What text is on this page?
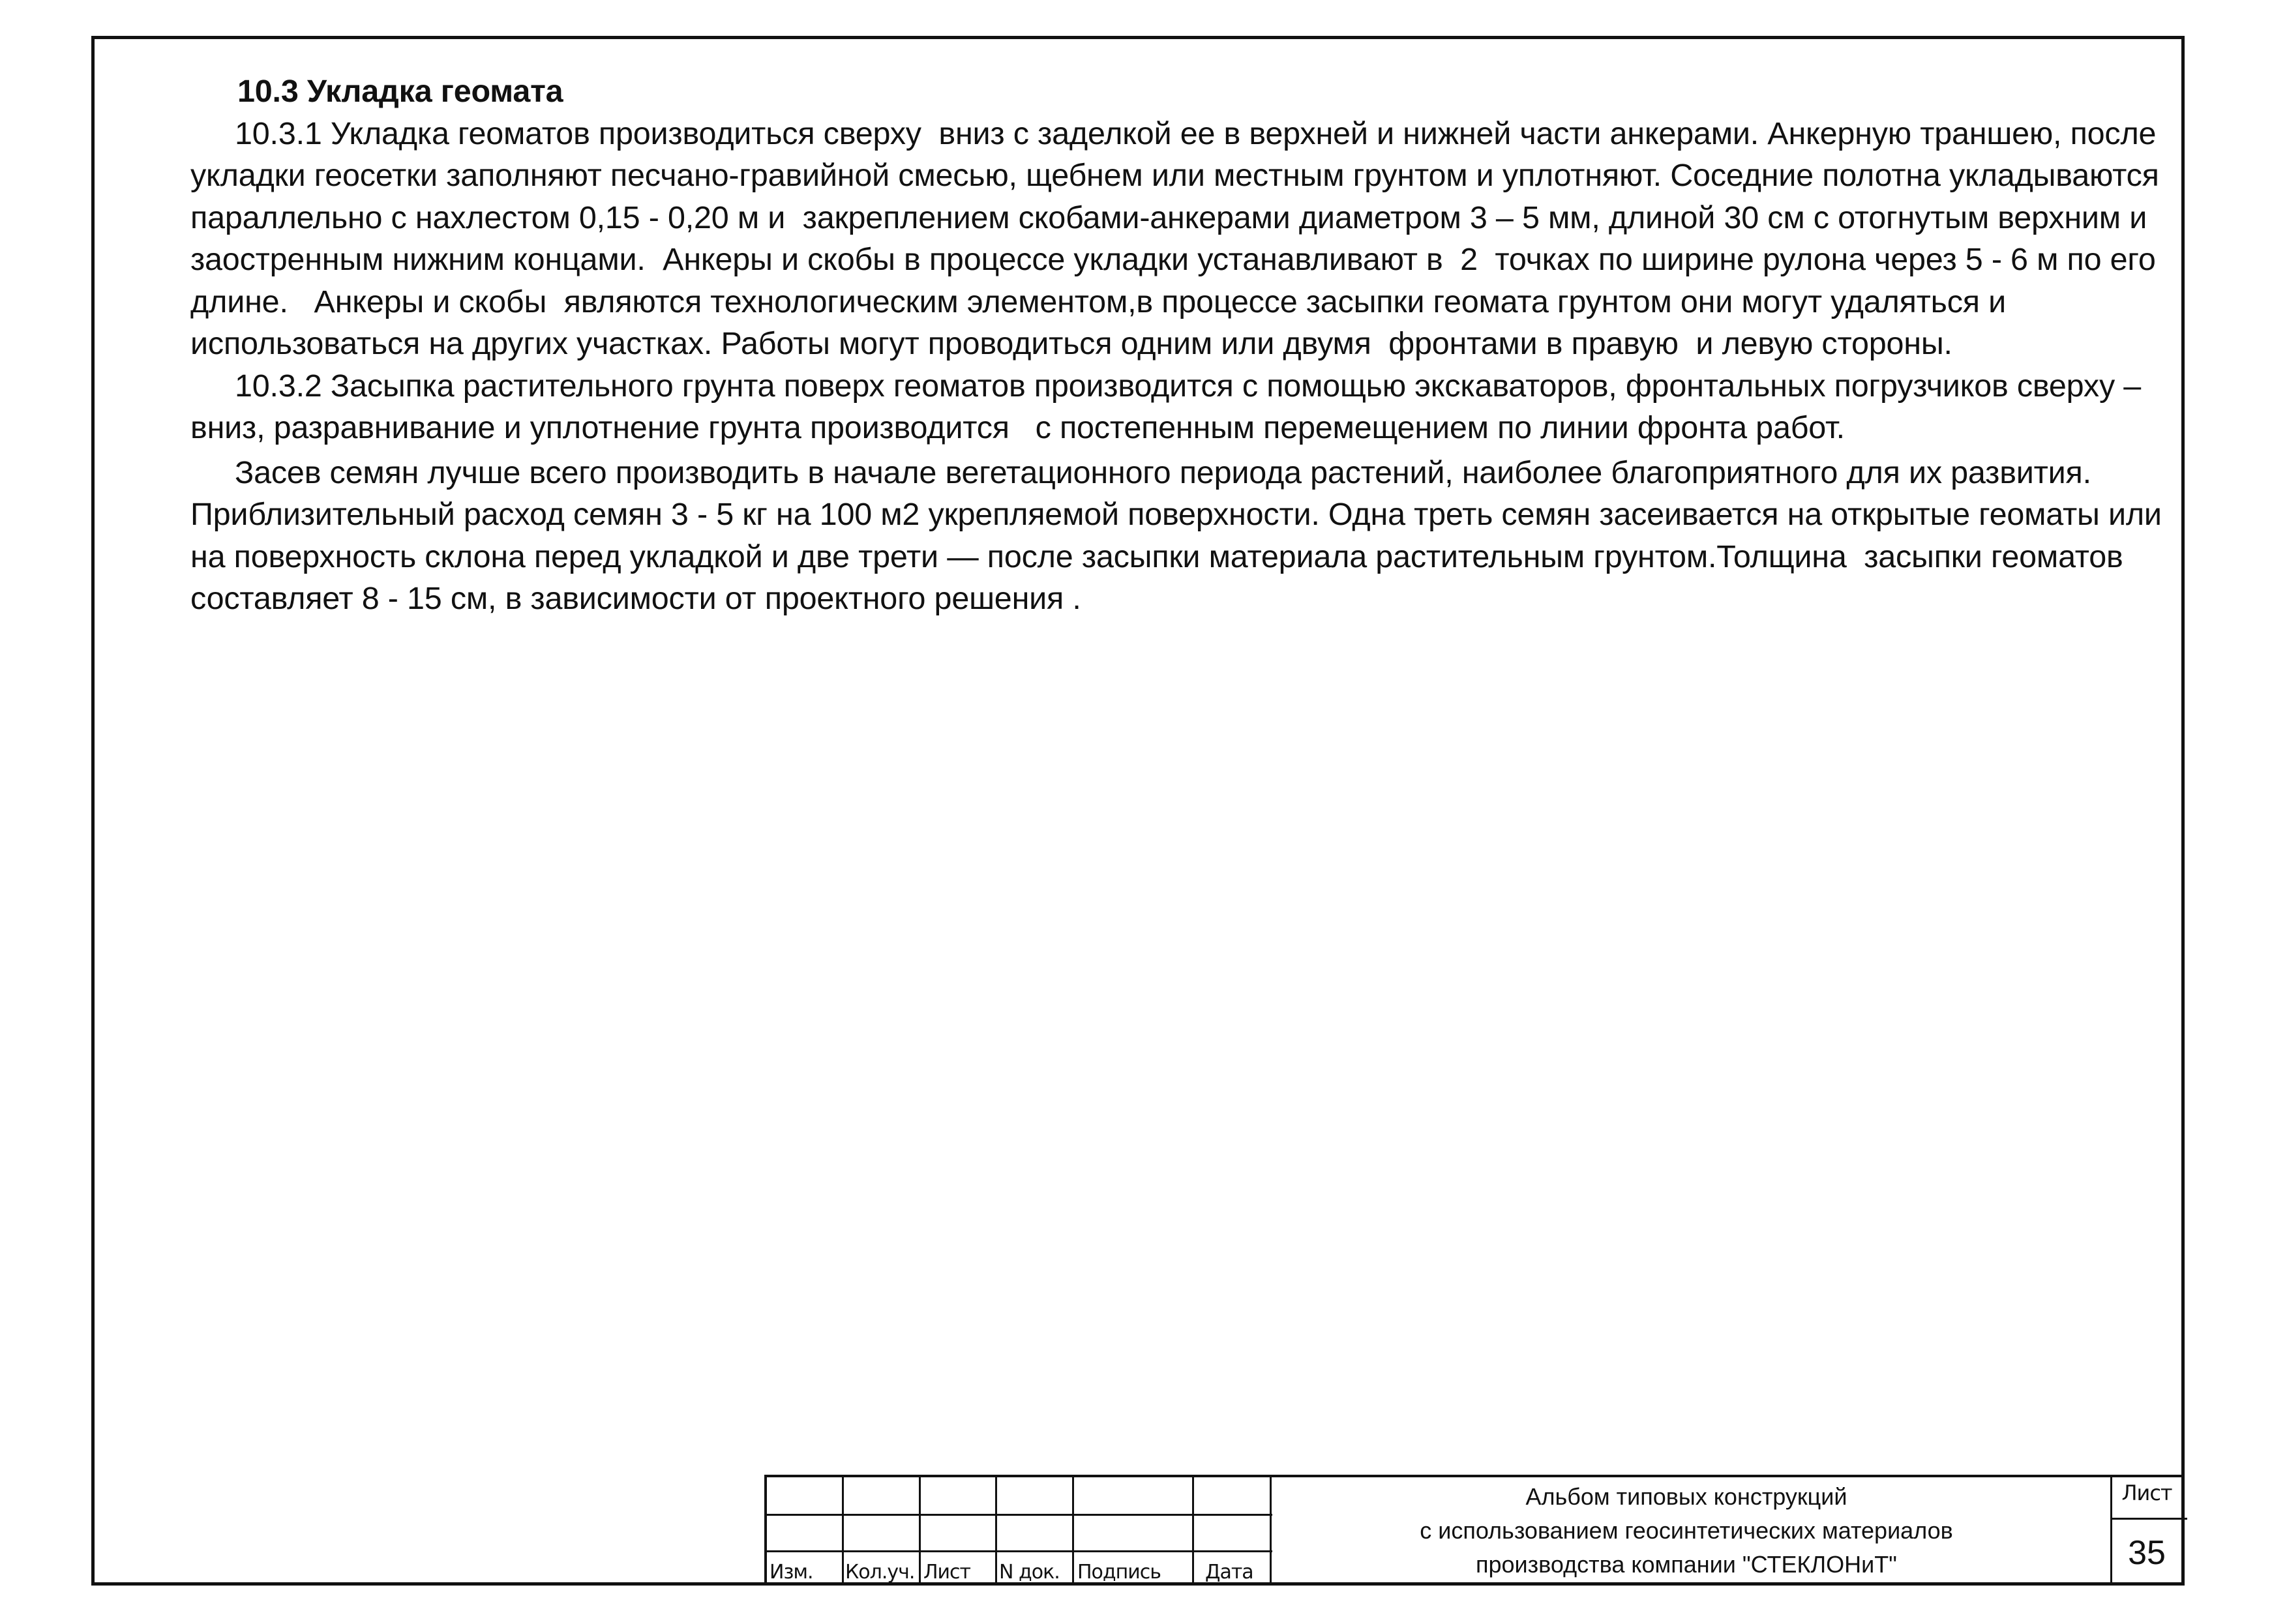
10.3 Укладка геомата

10.3.1 Укладка геоматов производиться сверху  вниз с заделкой ее в верхней и нижней части анкерами. Анкерную траншею, после укладки геосетки заполняют песчано-гравийной смесью, щебнем или местным грунтом и уплотняют. Соседние полотна укладываются параллельно с нахлестом 0,15 - 0,20 м и  закреплением скобами-анкерами диаметром 3 – 5 мм, длиной 30 см с отогнутым верхним и заостренным нижним концами.  Анкеры и скобы в процессе укладки устанавливают в  2  точках по ширине рулона через 5 - 6 м по его длине.   Анкеры и скобы  являются технологическим элементом,в процессе засыпки геомата грунтом они могут удаляться и использоваться на других участках. Работы могут проводиться одним или двумя  фронтами в правую  и левую стороны.

10.3.2 Засыпка растительного грунта поверх геоматов производится с помощью экскаваторов, фронтальных погрузчиков сверху – вниз, разравнивание и уплотнение грунта производится   с постепенным перемещением по линии фронта работ.

Засев семян лучше всего производить в начале вегетационного периода растений, наиболее благоприятного для их развития. Приблизительный расход семян 3 - 5 кг на 100 м2 укрепляемой поверхности. Одна треть семян засеивается на открытые геоматы или на поверхность склона перед укладкой и две трети — после засыпки материала растительным грунтом.Толщина  засыпки геоматов составляет 8 - 15 см, в зависимости от проектного решения .

Изм.	Кол.уч. Лист	N док. Подпись	Дата
Альбом типовых конструкций
с использованием геосинтетических материалов
производства компании "СТЕКЛОНиТ"
Лист
35
